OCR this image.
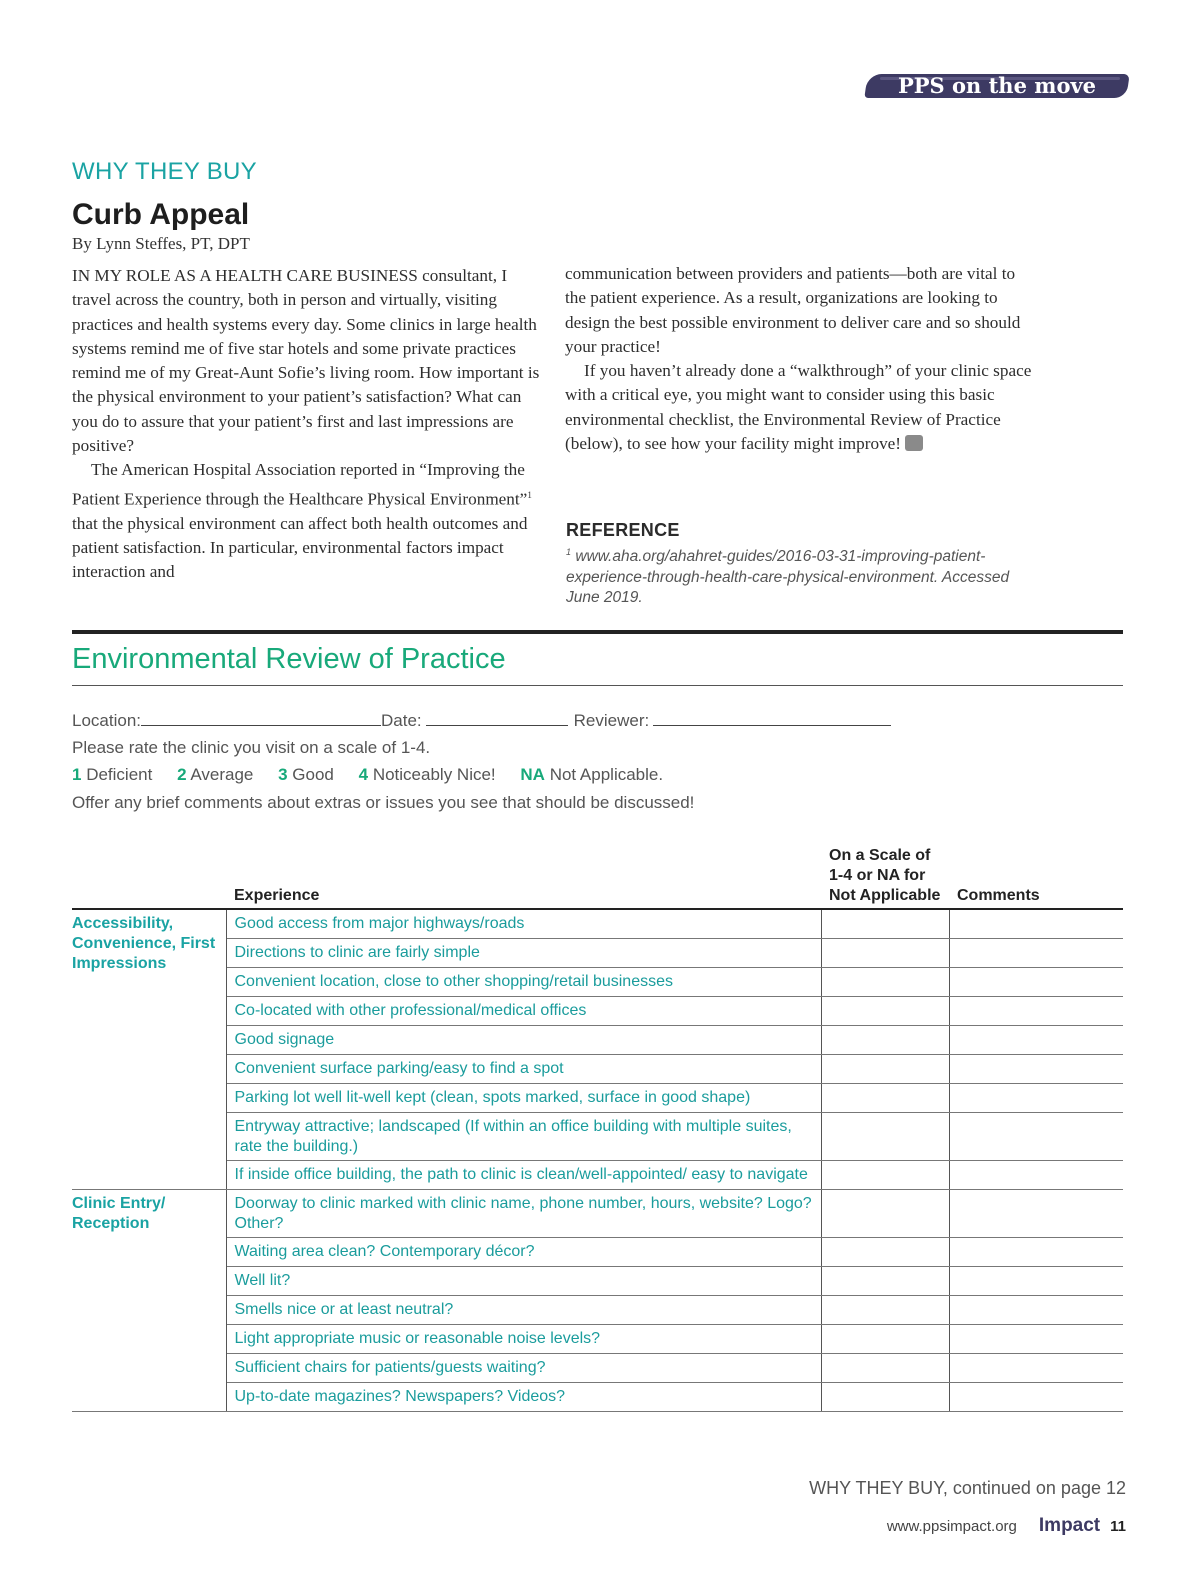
PPS on the move
WHY THEY BUY
Curb Appeal
By Lynn Steffes, PT, DPT

IN MY ROLE AS A HEALTH CARE BUSINESS consultant, I travel across the country, both in person and virtually, visiting practices and health systems every day. Some clinics in large health systems remind me of five star hotels and some private practices remind me of my Great-Aunt Sofie’s living room. How important is the physical environment to your patient’s satisfaction? What can you do to assure that your patient’s first and last impressions are positive?

The American Hospital Association reported in “Improving the Patient Experience through the Healthcare Physical Environment”$^1$ that the physical environment can affect both health outcomes and patient satisfaction. In particular, environmental factors impact interaction and

communication between providers and patients—both are vital to the patient experience. As a result, organizations are looking to design the best possible environment to deliver care and so should your practice!

If you haven’t already done a “walkthrough” of your clinic space with a critical eye, you might want to consider using this basic environmental checklist, the Environmental Review of Practice (below), to see how your facility might improve!

REFERENCE
$^1$ www.aha.org/ahahret-guides/2016-03-31-improving-patient-experience-through-health-care-physical-environment. Accessed June 2019.
Environmental Review of Practice
Location:	Date:	Reviewer:
Please rate the clinic you visit on a scale of 1-4.
1 Deficient 2 Average 3 Good 4 Noticeably Nice! NA Not Applicable.
Offer any brief comments about extras or issues you see that should be discussed!
	Experience	On a Scale of 1-4 or NA for Not Applicable	Comments
Accessibility, Convenience, First Impressions	Good access from major highways/roads		
	Directions to clinic are fairly simple		
	Convenient location, close to other shopping/retail businesses		
	Co-located with other professional/medical offices		
	Good signage		
	Convenient surface parking/easy to find a spot		
	Parking lot well lit-well kept (clean, spots marked, surface in good shape)		
	Entryway attractive; landscaped (If within an office building with multiple suites, rate the building.)		
	If inside office building, the path to clinic is clean/well-appointed/ easy to navigate		
Clinic Entry/ Reception	Doorway to clinic marked with clinic name, phone number, hours, website? Logo? Other?		
	Waiting area clean? Contemporary décor?		
	Well lit?		
	Smells nice or at least neutral?		
	Light appropriate music or reasonable noise levels?		
	Sufficient chairs for patients/guests waiting?		
	Up-to-date magazines? Newspapers? Videos?		
WHY THEY BUY, continued on page 12
www.ppsimpact.org Impact 11
